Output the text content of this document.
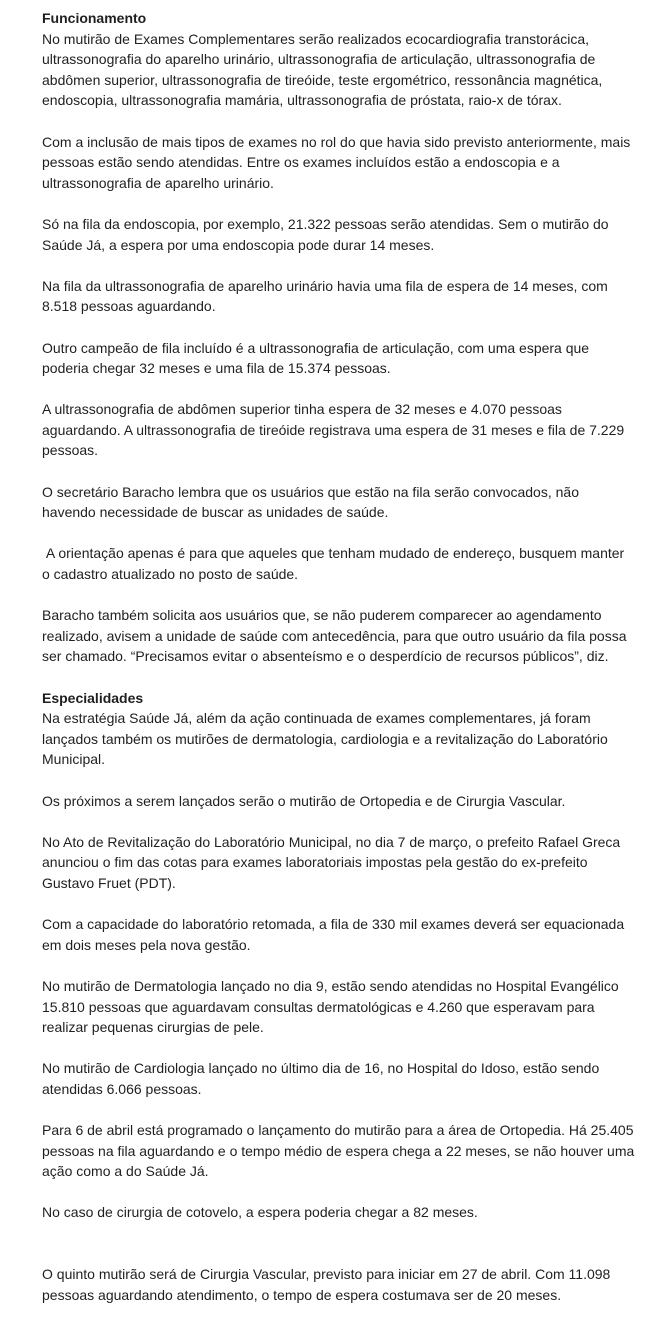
Funcionamento

No mutirão de Exames Complementares serão realizados ecocardiografia transtorácica, ultrassonografia do aparelho urinário, ultrassonografia de articulação, ultrassonografia de abdômen superior, ultrassonografia de tireóide, teste ergométrico, ressonância magnética, endoscopia, ultrassonografia mamária, ultrassonografia de próstata, raio-x de tórax.

Com a inclusão de mais tipos de exames no rol do que havia sido previsto anteriormente, mais pessoas estão sendo atendidas. Entre os exames incluídos estão a endoscopia e a ultrassonografia de aparelho urinário.

Só na fila da endoscopia, por exemplo, 21.322 pessoas serão atendidas. Sem o mutirão do Saúde Já, a espera por uma endoscopia pode durar 14 meses.

Na fila da ultrassonografia de aparelho urinário havia uma fila de espera de 14 meses, com 8.518 pessoas aguardando.

Outro campeão de fila incluído é a ultrassonografia de articulação, com uma espera que poderia chegar 32 meses e uma fila de 15.374 pessoas.

A ultrassonografia de abdômen superior tinha espera de 32 meses e 4.070 pessoas aguardando. A ultrassonografia de tireóide registrava uma espera de 31 meses e fila de 7.229 pessoas.

O secretário Baracho lembra que os usuários que estão na fila serão convocados, não havendo necessidade de buscar as unidades de saúde.

A orientação apenas é para que aqueles que tenham mudado de endereço, busquem manter o cadastro atualizado no posto de saúde.

Baracho também solicita aos usuários que, se não puderem comparecer ao agendamento realizado, avisem a unidade de saúde com antecedência, para que outro usuário da fila possa ser chamado. “Precisamos evitar o absenteísmo e o desperdício de recursos públicos”, diz.

Especialidades

Na estratégia Saúde Já, além da ação continuada de exames complementares, já foram lançados também os mutirões de dermatologia, cardiologia e a revitalização do Laboratório Municipal.

Os próximos a serem lançados serão o mutirão de Ortopedia e de Cirurgia Vascular.

No Ato de Revitalização do Laboratório Municipal, no dia 7 de março, o prefeito Rafael Greca anunciou o fim das cotas para exames laboratoriais impostas pela gestão do ex-prefeito Gustavo Fruet (PDT).

Com a capacidade do laboratório retomada, a fila de 330 mil exames deverá ser equacionada em dois meses pela nova gestão.

No mutirão de Dermatologia lançado no dia 9, estão sendo atendidas no Hospital Evangélico 15.810 pessoas que aguardavam consultas dermatológicas e 4.260 que esperavam para realizar pequenas cirurgias de pele.

No mutirão de Cardiologia lançado no último dia de 16, no Hospital do Idoso, estão sendo atendidas 6.066 pessoas.

Para 6 de abril está programado o lançamento do mutirão para a área de Ortopedia. Há 25.405 pessoas na fila aguardando e o tempo médio de espera chega a 22 meses, se não houver uma ação como a do Saúde Já.

No caso de cirurgia de cotovelo, a espera poderia chegar a 82 meses.

O quinto mutirão será de Cirurgia Vascular, previsto para iniciar em 27 de abril. Com 11.098 pessoas aguardando atendimento, o tempo de espera costumava ser de 20 meses.
